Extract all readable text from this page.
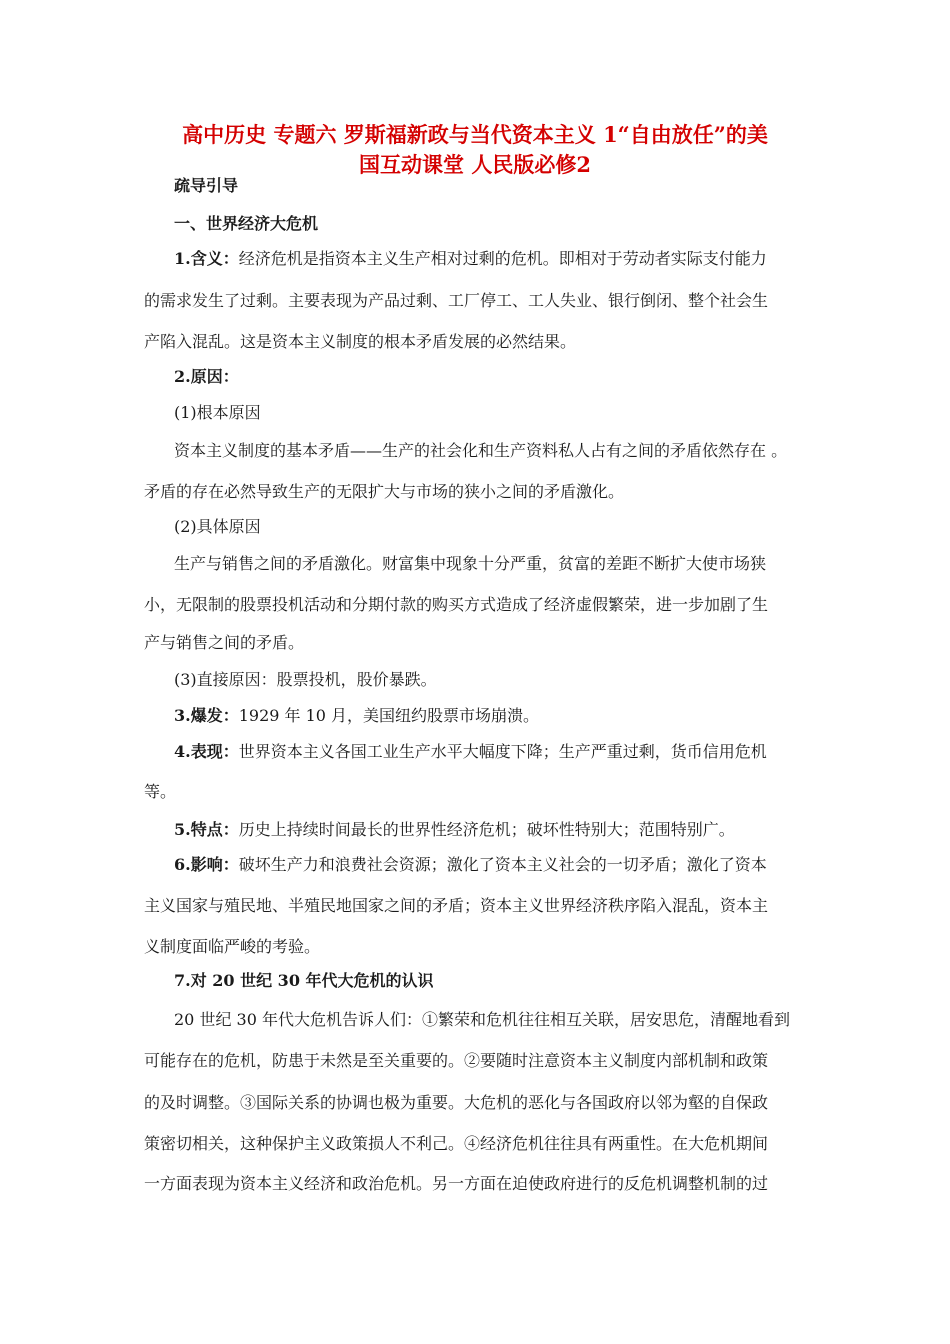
高中历史 专题六 罗斯福新政与当代资本主义 1“自由放任”的美
国互动课堂 人民版必修2

疏导引导

一、世界经济大危机

1.含义：经济危机是指资本主义生产相对过剩的危机。即相对于劳动者实际支付能力

的需求发生了过剩。主要表现为产品过剩、工厂停工、工人失业、银行倒闭、整个社会生

产陷入混乱。这是资本主义制度的根本矛盾发展的必然结果。

2.原因：

(1)根本原因

资本主义制度的基本矛盾——生产的社会化和生产资料私人占有之间的矛盾依然存在 。

矛盾的存在必然导致生产的无限扩大与市场的狭小之间的矛盾激化。

(2)具体原因

生产与销售之间的矛盾激化。财富集中现象十分严重，贫富的差距不断扩大使市场狭

小，无限制的股票投机活动和分期付款的购买方式造成了经济虚假繁荣，进一步加剧了生

产与销售之间的矛盾。

(3)直接原因：股票投机，股价暴跌。

3.爆发：1929 年 10 月，美国纽约股票市场崩溃。

4.表现：世界资本主义各国工业生产水平大幅度下降；生产严重过剩，货币信用危机

等。

5.特点：历史上持续时间最长的世界性经济危机；破坏性特别大；范围特别广。

6.影响：破坏生产力和浪费社会资源；激化了资本主义社会的一切矛盾；激化了资本

主义国家与殖民地、半殖民地国家之间的矛盾；资本主义世界经济秩序陷入混乱，资本主

义制度面临严峻的考验。

7.对 20 世纪 30 年代大危机的认识

20 世纪 30 年代大危机告诉人们：①繁荣和危机往往相互关联，居安思危，清醒地看到

可能存在的危机，防患于未然是至关重要的。②要随时注意资本主义制度内部机制和政策

的及时调整。③国际关系的协调也极为重要。大危机的恶化与各国政府以邻为壑的自保政

策密切相关，这种保护主义政策损人不利己。④经济危机往往具有两重性。在大危机期间

一方面表现为资本主义经济和政治危机。另一方面在迫使政府进行的反危机调整机制的过
